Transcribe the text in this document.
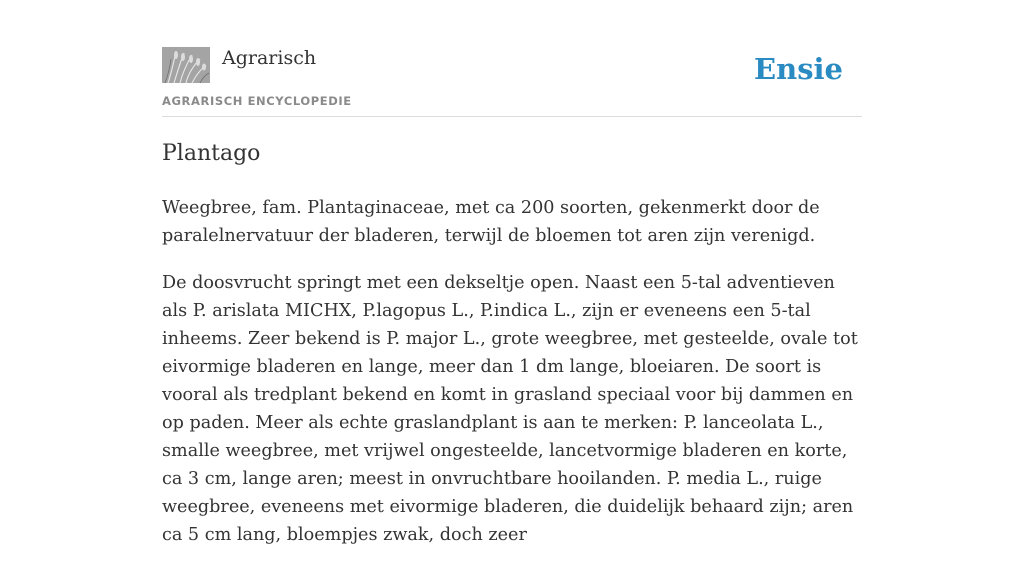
Agrarisch
AGRARISCH ENCYCLOPEDIE
Ensie
Plantago

Weegbree, fam. Plantaginaceae, met ca 200 soorten, gekenmerkt door de paralelnervatuur der bladeren, terwijl de bloemen tot aren zijn verenigd.

De doosvrucht springt met een dekseltje open. Naast een 5-tal adventieven als P. arislata MICHX, P.lagopus L., P.indica L., zijn er eveneens een 5-tal inheems. Zeer bekend is P. major L., grote weegbree, met gesteelde, ovale tot eivormige bladeren en lange, meer dan 1 dm lange, bloeiaren. De soort is vooral als tredplant bekend en komt in grasland speciaal voor bij dammen en op paden. Meer als echte graslandplant is aan te merken: P. lanceolata L., smalle weegbree, met vrijwel ongesteelde, lancetvormige bladeren en korte, ca 3 cm, lange aren; meest in onvruchtbare hooilanden. P. media L., ruige weegbree, eveneens met eivormige bladeren, die duidelijk behaard zijn; aren ca 5 cm lang, bloempjes zwak, doch zeer
